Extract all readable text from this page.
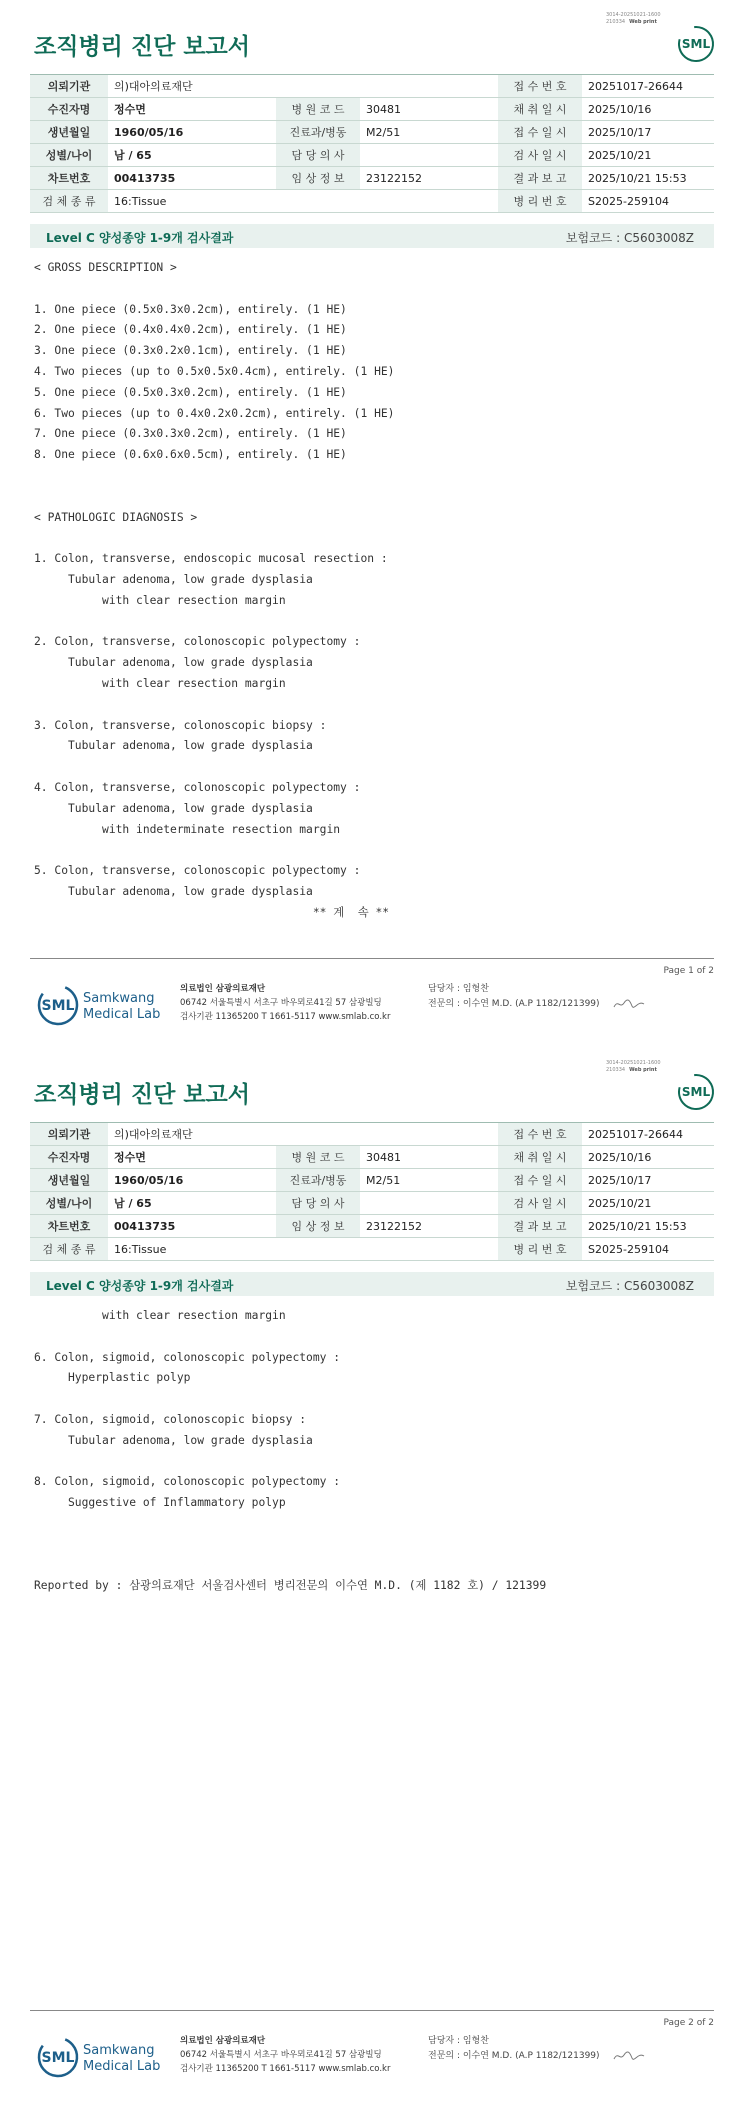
3014-20251021-1600
210334 Web print
조직병리 진단 보고서	SML
의뢰기관	의)대아의료재단			접 수 번 호	20251017-26644
수진자명	정수면	병 원 코 드	30481	채 취 일 시	2025/10/16
생년월일	1960/05/16	진료과/병동	M2/51	접 수 일 시	2025/10/17
성별/나이	남 / 65	담 당 의 사		검 사 일 시	2025/10/21
차트번호	00413735	임 상 정 보	23122152	결 과 보 고	2025/10/21 15:53
검 체 종 류	16:Tissue			병 리 번 호	S2025-259104
Level C 양성종양 1-9개 검사결과	보험코드 : C5603008Z
< GROSS DESCRIPTION >
1. One piece (0.5x0.3x0.2cm), entirely. (1 HE)
2. One piece (0.4x0.4x0.2cm), entirely. (1 HE)
3. One piece (0.3x0.2x0.1cm), entirely. (1 HE)
4. Two pieces (up to 0.5x0.5x0.4cm), entirely. (1 HE)
5. One piece (0.5x0.3x0.2cm), entirely. (1 HE)
6. Two pieces (up to 0.4x0.2x0.2cm), entirely. (1 HE)
7. One piece (0.3x0.3x0.2cm), entirely. (1 HE)
8. One piece (0.6x0.6x0.5cm), entirely. (1 HE)
< PATHOLOGIC DIAGNOSIS >
1. Colon, transverse, endoscopic mucosal resection :
Tubular adenoma, low grade dysplasia
with clear resection margin
2. Colon, transverse, colonoscopic polypectomy :
Tubular adenoma, low grade dysplasia
with clear resection margin
3. Colon, transverse, colonoscopic biopsy :
Tubular adenoma, low grade dysplasia
4. Colon, transverse, colonoscopic polypectomy :
Tubular adenoma, low grade dysplasia
with indeterminate resection margin
5. Colon, transverse, colonoscopic polypectomy :
Tubular adenoma, low grade dysplasia
** 계  속 **
Page 1 of 2
SML Samkwang
Medical Lab
의료법인 삼광의료재단
06742 서울특별시 서초구 바우뫼로41길 57 삼광빌딩
검사기관 11365200 T 1661-5117 www.smlab.co.kr
담당자 : 임형찬
전문의 : 이수연 M.D. (A.P 1182/121399)
3014-20251021-1600
210334 Web print
조직병리 진단 보고서	SML
의뢰기관	의)대아의료재단			접 수 번 호	20251017-26644
수진자명	정수면	병 원 코 드	30481	채 취 일 시	2025/10/16
생년월일	1960/05/16	진료과/병동	M2/51	접 수 일 시	2025/10/17
성별/나이	남 / 65	담 당 의 사		검 사 일 시	2025/10/21
차트번호	00413735	임 상 정 보	23122152	결 과 보 고	2025/10/21 15:53
검 체 종 류	16:Tissue			병 리 번 호	S2025-259104
Level C 양성종양 1-9개 검사결과	보험코드 : C5603008Z
with clear resection margin
6. Colon, sigmoid, colonoscopic polypectomy :
Hyperplastic polyp
7. Colon, sigmoid, colonoscopic biopsy :
Tubular adenoma, low grade dysplasia
8. Colon, sigmoid, colonoscopic polypectomy :
Suggestive of Inflammatory polyp
Reported by : 삼광의료재단 서울검사센터 병리전문의 이수연 M.D. (제 1182 호) / 121399
Page 2 of 2
SML Samkwang
Medical Lab
의료법인 삼광의료재단
06742 서울특별시 서초구 바우뫼로41길 57 삼광빌딩
검사기관 11365200 T 1661-5117 www.smlab.co.kr
담당자 : 임형찬
전문의 : 이수연 M.D. (A.P 1182/121399)
